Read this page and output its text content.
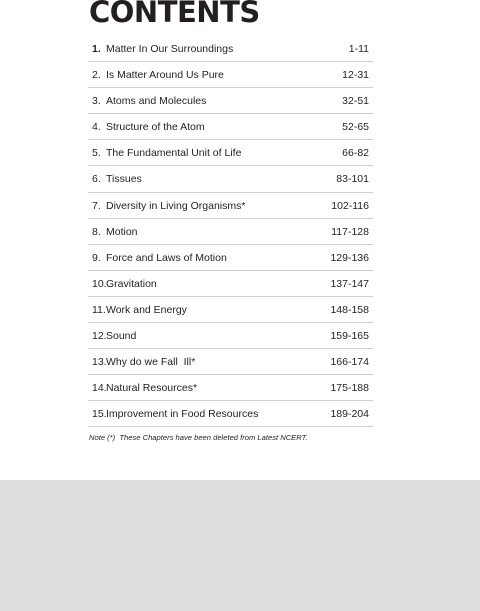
CONTENTS
1. Matter In Our Surroundings	1-11
2. Is Matter Around Us Pure	12-31
3. Atoms and Molecules	32-51
4. Structure of the Atom	52-65
5. The Fundamental Unit of Life	66-82
6. Tissues	83-101
7. Diversity in Living Organisms*	102-116
8. Motion	117-128
9. Force and Laws of Motion	129-136
10. Gravitation	137-147
11. Work and Energy	148-158
12. Sound	159-165
13. Why do we Fall  Ill*	166-174
14. Natural Resources*	175-188
15. Improvement in Food Resources	189-204
Note (*)  These Chapters have been deleted from Latest NCERT.
